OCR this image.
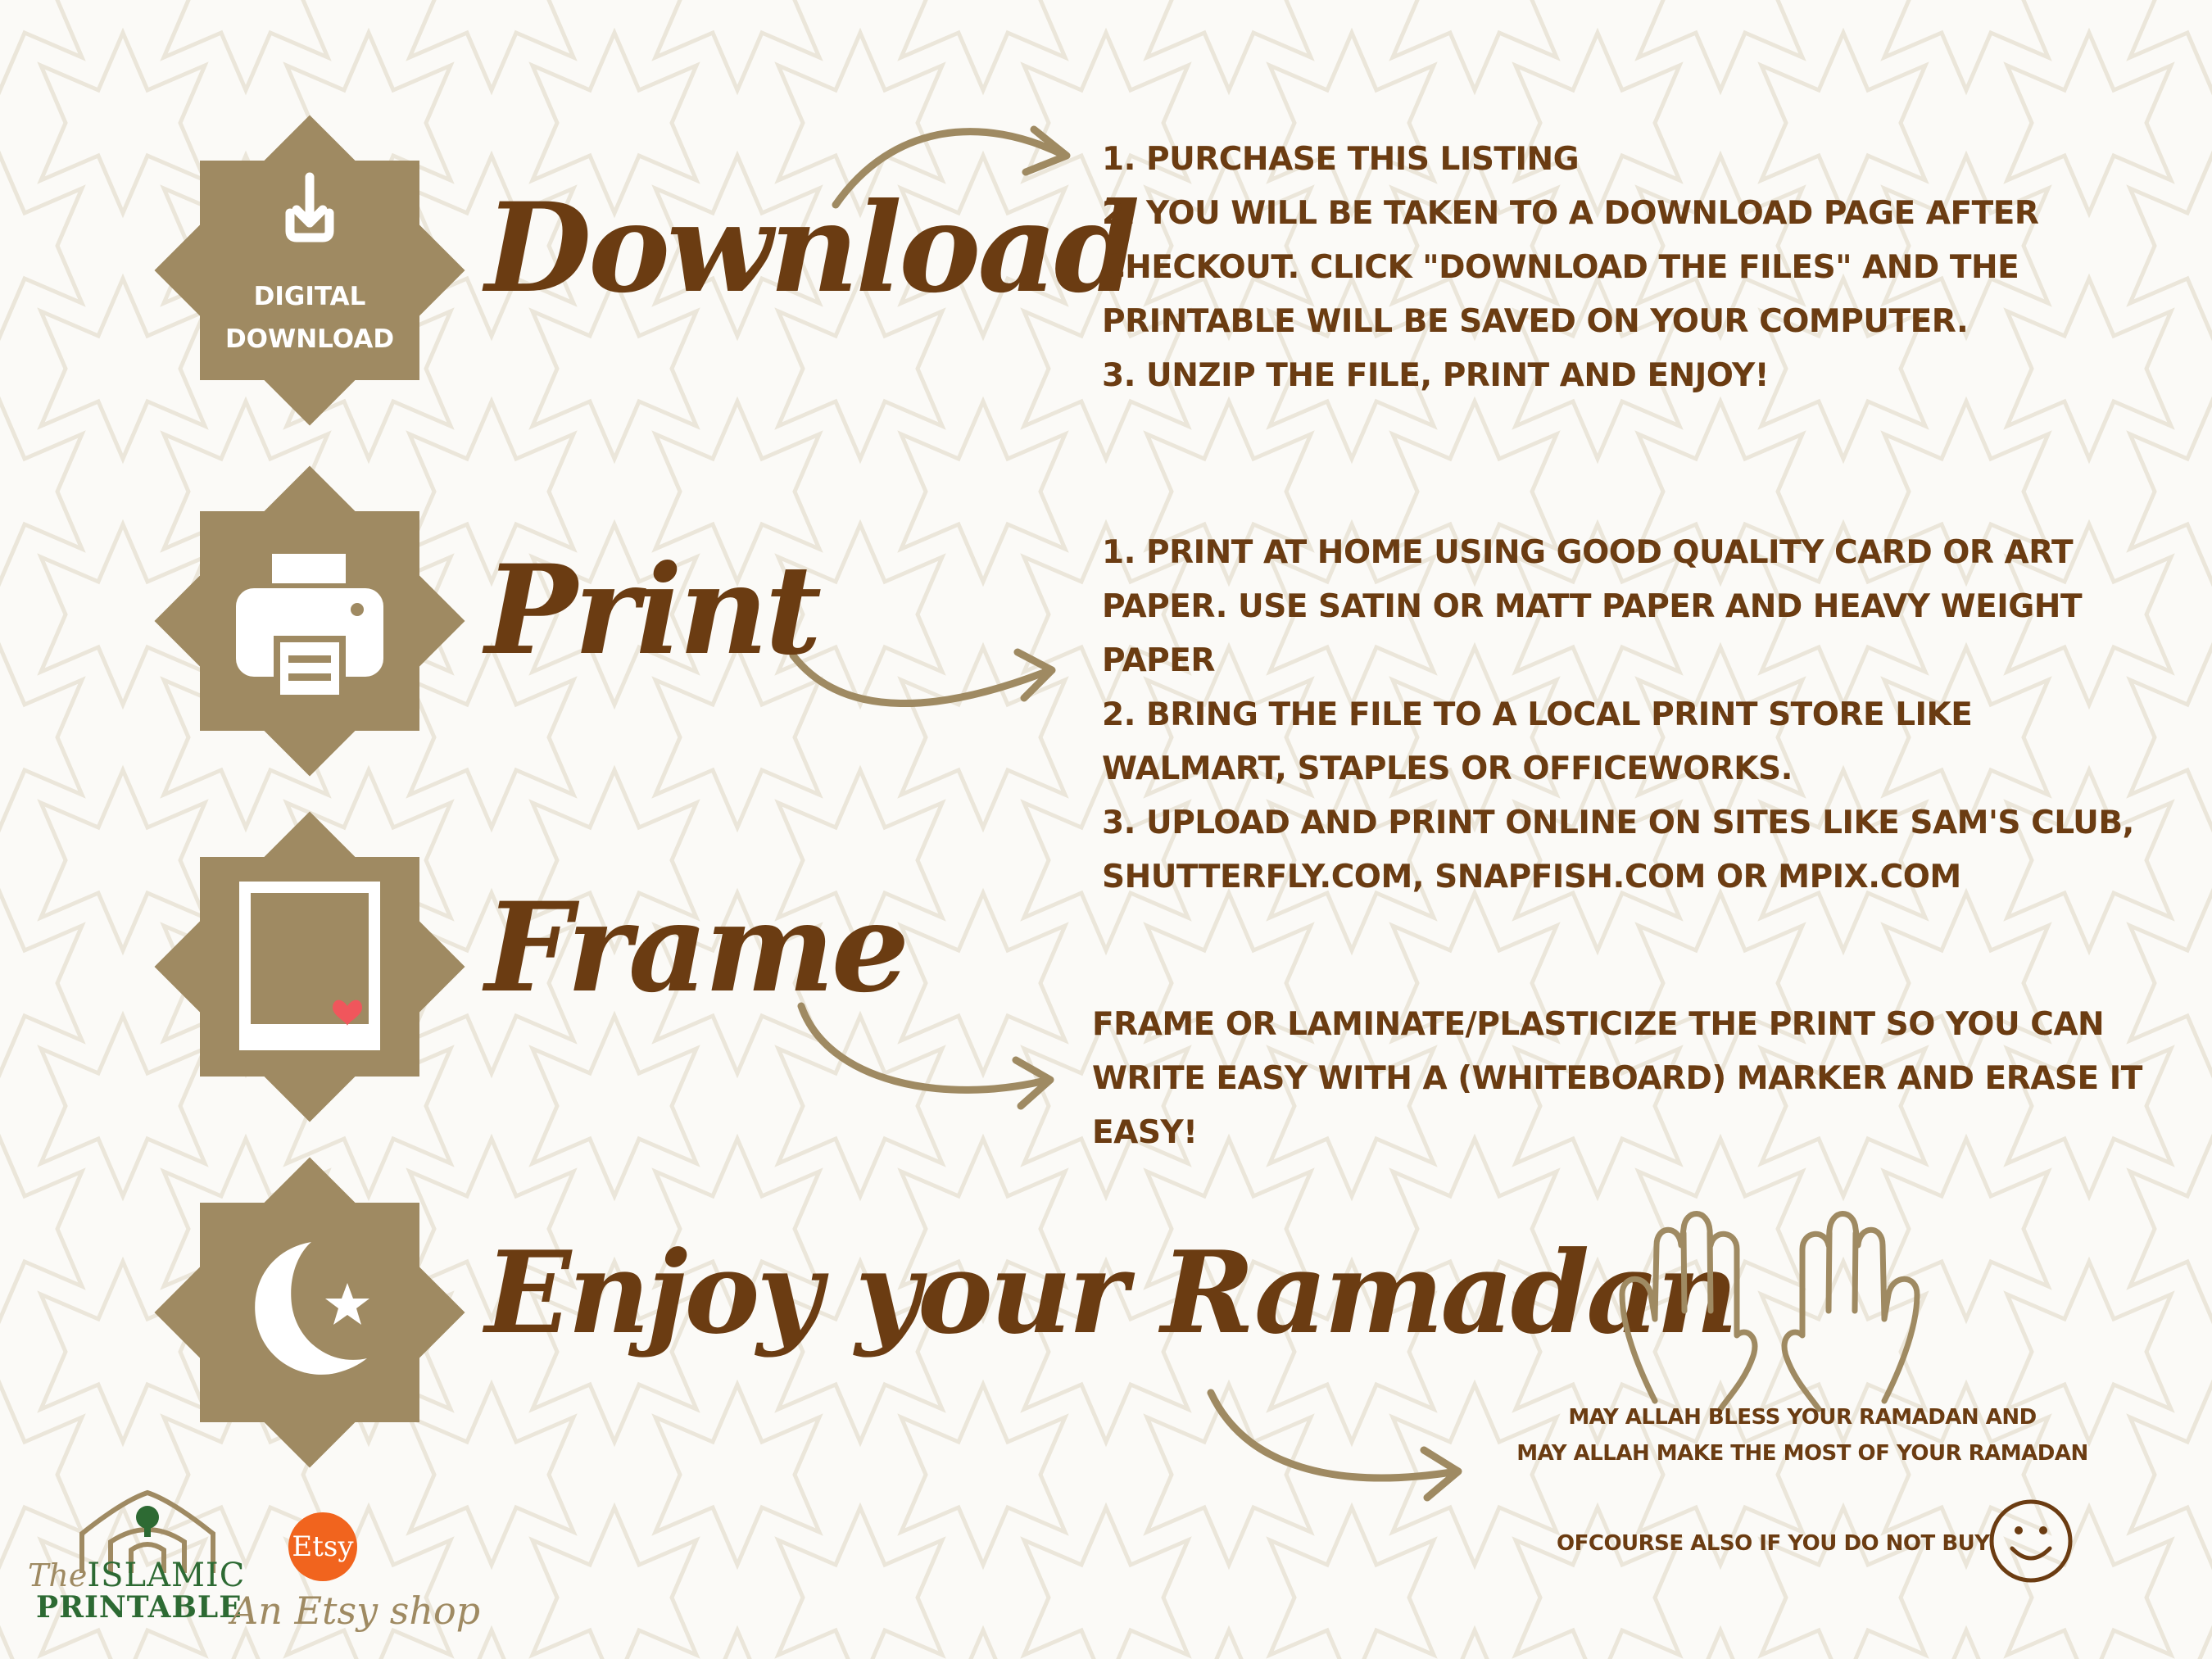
DIGITAL
DOWNLOAD
Download
Print
Frame
Enjoy your Ramadan
1. PURCHASE THIS LISTING
2. YOU WILL BE TAKEN TO A DOWNLOAD PAGE AFTER
CHECKOUT. CLICK "DOWNLOAD THE FILES" AND THE
PRINTABLE WILL BE SAVED ON YOUR COMPUTER.
3. UNZIP THE FILE, PRINT AND ENJOY!
1. PRINT AT HOME USING GOOD QUALITY CARD OR ART
PAPER. USE SATIN OR MATT PAPER AND HEAVY WEIGHT
PAPER
2. BRING THE FILE TO A LOCAL PRINT STORE LIKE
WALMART, STAPLES OR OFFICEWORKS.
3. UPLOAD AND PRINT ONLINE ON SITES LIKE SAM'S CLUB,
SHUTTERFLY.COM, SNAPFISH.COM OR MPIX.COM
FRAME OR LAMINATE/PLASTICIZE THE PRINT SO YOU CAN
WRITE EASY WITH A (WHITEBOARD) MARKER AND ERASE IT
EASY!
MAY ALLAH BLESS YOUR RAMADAN AND
MAY ALLAH MAKE THE MOST OF YOUR RAMADAN
OFCOURSE ALSO IF YOU DO NOT BUY
TheISLAMIC
PRINTABLE
Etsy
An Etsy shop
